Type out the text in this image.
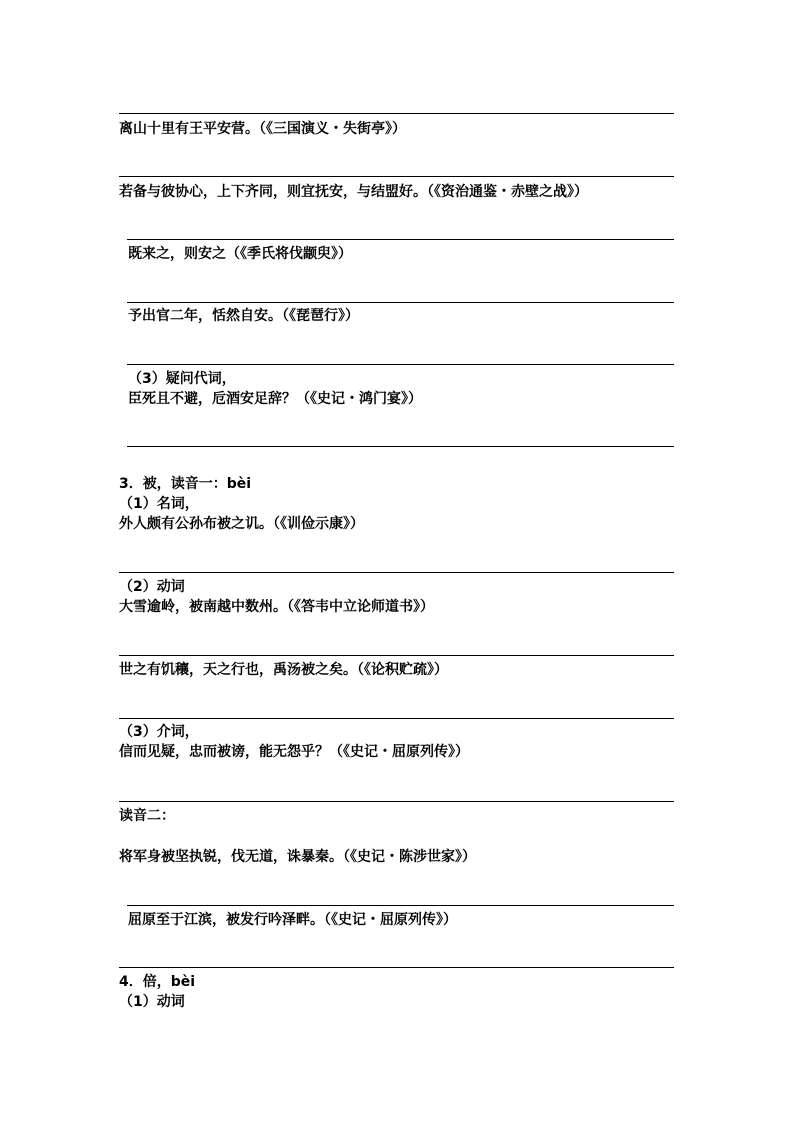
离山十里有王平安营。（《三国演义・失街亭》）
若备与彼协心，上下齐同，则宜抚安，与结盟好。（《资治通鉴・赤壁之战》）
既来之，则安之（《季氏将伐颛臾》）
予出官二年，恬然自安。（《琵琶行》）
（3）疑问代词，
臣死且不避，卮酒安足辞？（《史记・鸿门宴》）
3．被，读音一：bèi
（1）名词，
外人颇有公孙布被之讥。（《训俭示康》）
（2）动词
大雪逾岭，被南越中数州。（《答韦中立论师道书》）
世之有饥穰，天之行也，禹汤被之矣。（《论积贮疏》）
（3）介词，
信而见疑，忠而被谤，能无怨乎？（《史记・屈原列传》）
读音二：
将军身被坚执锐，伐无道，诛暴秦。（《史记・陈涉世家》）
屈原至于江滨，被发行吟泽畔。（《史记・屈原列传》）
4．倍，bèi
（1）动词
